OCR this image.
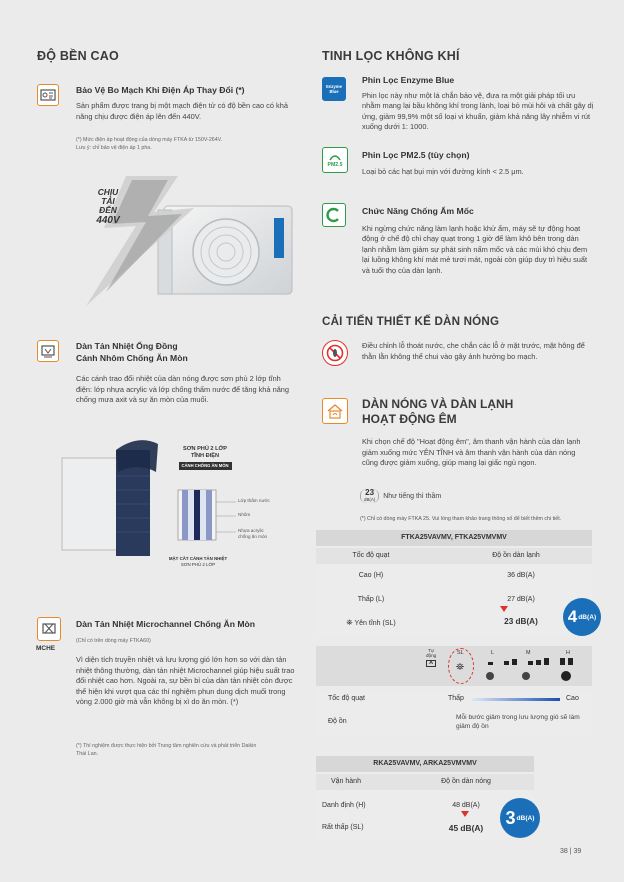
ĐỘ BỀN CAO
Bảo Vệ Bo Mạch Khi Điện Áp Thay Đổi (*)
Sản phẩm được trang bị một mạch điện tử có độ bền cao có khả năng chịu được điện áp lên đến 440V.
(*) Mức điện áp hoạt động của dòng máy FTKA từ 150V-264V.
Lưu ý: chỉ bảo vệ điện áp 1 pha.
CHỊU
TẢI
ĐẾN
440V
Dàn Tản Nhiệt Ống Đồng
Cánh Nhôm Chống Ăn Mòn
Các cánh trao đổi nhiệt của dàn nóng được sơn phủ 2 lớp tĩnh điện: lớp nhựa acrylic và lớp chống thấm nước để tăng khả năng chống mưa axit và sự ăn mòn của muối.
SƠN PHỦ 2 LỚP
TĨNH ĐIỆN
CÁNH CHỐNG ĂN MÒN
Lớp thấm nước
Nhôm
Nhựa acrylic
chống ăn mòn
MẶT CẮT CÁNH TẢN NHIỆT
SƠN PHỦ 2 LỚP
MCHE
Dàn Tản Nhiệt Microchannel Chống Ăn Mòn
(Chỉ có trên dòng máy FTKA60)
Vì diện tích truyền nhiệt và lưu lượng gió lớn hơn so với dàn tản nhiệt thông thường, dàn tản nhiệt Microchannel giúp hiệu suất trao đổi nhiệt cao hơn. Ngoài ra, sự bền bỉ của dàn tản nhiệt còn được thể hiện khi vượt qua các thí nghiệm phun dung dịch muối trong vòng 2.000 giờ mà vẫn không bị xì do ăn mòn. (*)
(*) Thí nghiệm được thực hiện bởi Trung tâm nghiên cứu và phát triển Daikin
Thái Lan.
TINH LỌC KHÔNG KHÍ
Enzyme Blue
Phin Lọc Enzyme Blue
Phin lọc này như một lá chắn bảo vệ, đưa ra một giải pháp tối ưu nhằm mang lại bầu không khí trong lành, loại bỏ mùi hôi và chất gây dị ứng, giảm 99,9% một số loại vi khuẩn, giảm khả năng lây nhiễm vi rút xuống dưới 1: 1000.
PM2.5
Phin Lọc PM2.5 (tùy chọn)
Loại bỏ các hạt bụi mịn với đường kính < 2.5 μm.
Chức Năng Chống Ẩm Mốc
Khi ngừng chức năng làm lạnh hoặc khử ẩm, máy sẽ tự động hoạt động ở chế độ chỉ chạy quạt trong 1 giờ để làm khô bên trong dàn lạnh nhằm làm giảm sự phát sinh nấm mốc và các mùi khó chịu đem lại luồng không khí mát mẻ tươi mát, ngoài còn giúp duy trì hiệu suất và tuổi thọ của dàn lạnh.
CẢI TIẾN THIẾT KẾ DÀN NÓNG
Điều chỉnh lỗ thoát nước, che chắn các lỗ ở mặt trước, mặt hông để thằn lằn không thể chui vào gây ảnh hưởng bo mạch.
DÀN NÓNG VÀ DÀN LẠNH
HOẠT ĐỘNG ÊM
Khi chọn chế độ "Hoạt động êm", âm thanh vận hành của dàn lạnh giảm xuống mức YÊN TĨNH và âm thanh vận hành của dàn nóng cũng được giảm xuống, giúp mang lại giấc ngủ ngon.
23
dB(A) Như tiếng thì thầm
(*) Chỉ có dòng máy FTKA 25. Vui lòng tham khảo trang thông số để biết thêm chi tiết.
FTKA25VAVMV, FTKA25VMVMV
Tốc độ quạt	Độ ồn dàn lạnh
Cao (H)	36 dB(A)
Thấp (L)	27 dB(A)
⛯ Yên tĩnh (SL)	23 dB(A)	4 dB(A)
Tự
động
A
SL
⛯
L	M	H
Tốc độ quạt	Thấp	Cao
Độ ồn
Mỗi bước giảm trong lưu lượng gió sẽ làm giảm độ ồn
RKA25VAVMV, ARKA25VMVMV
Vận hành	Độ ồn dàn nóng
Danh định (H)	48 dB(A)
Rất thấp (SL)	45 dB(A)
3 dB(A)
38 | 39
